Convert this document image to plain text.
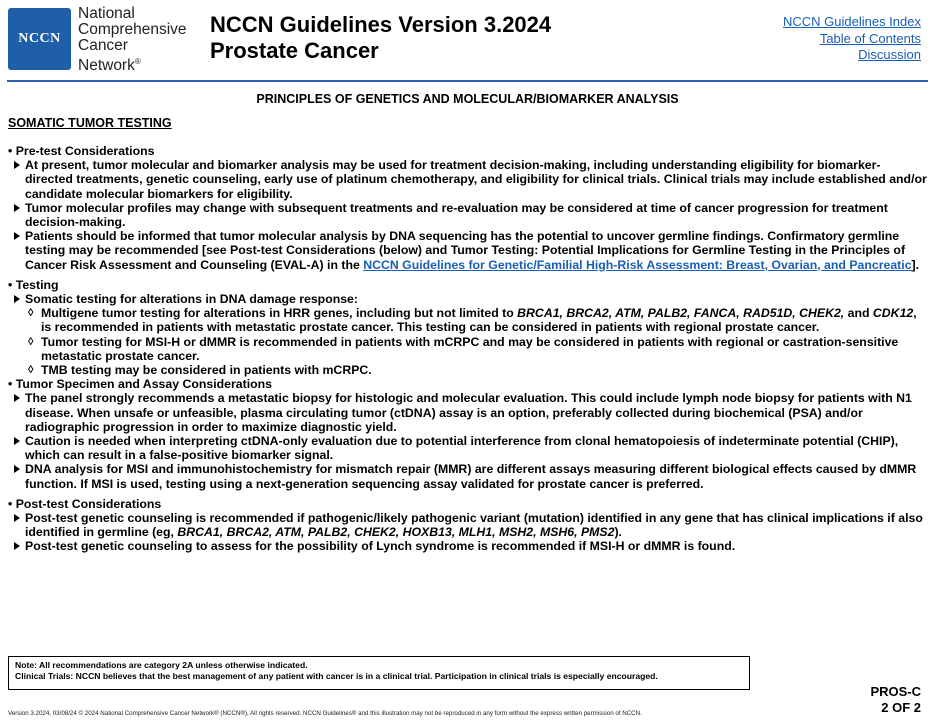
NCCN
National
Comprehensive
Cancer
Network®
NCCN Guidelines Version 3.2024
Prostate Cancer
NCCN Guidelines Index
Table of Contents
Discussion
PRINCIPLES OF GENETICS AND MOLECULAR/BIOMARKER ANALYSIS
SOMATIC TUMOR TESTING

• Pre-test Considerations

At present, tumor molecular and biomarker analysis may be used for treatment decision-making, including understanding eligibility for biomarker-directed treatments, genetic counseling, early use of platinum chemotherapy, and eligibility for clinical trials. Clinical trials may include established and/or candidate molecular biomarkers for eligibility.

Tumor molecular profiles may change with subsequent treatments and re-evaluation may be considered at time of cancer progression for treatment decision-making.

Patients should be informed that tumor molecular analysis by DNA sequencing has the potential to uncover germline findings. Confirmatory germline testing may be recommended [see Post-test Considerations (below) and Tumor Testing: Potential Implications for Germline Testing in the Principles of Cancer Risk Assessment and Counseling (EVAL-A) in the NCCN Guidelines for Genetic/Familial High-Risk Assessment: Breast, Ovarian, and Pancreatic].

• Testing

Somatic testing for alterations in DNA damage response:

◊ Multigene tumor testing for alterations in HRR genes, including but not limited to BRCA1, BRCA2, ATM, PALB2, FANCA, RAD51D, CHEK2, and CDK12, is recommended in patients with metastatic prostate cancer. This testing can be considered in patients with regional prostate cancer.

◊ Tumor testing for MSI-H or dMMR is recommended in patients with mCRPC and may be considered in patients with regional or castration-sensitive metastatic prostate cancer.

◊ TMB testing may be considered in patients with mCRPC.

• Tumor Specimen and Assay Considerations

The panel strongly recommends a metastatic biopsy for histologic and molecular evaluation. This could include lymph node biopsy for patients with N1 disease. When unsafe or unfeasible, plasma circulating tumor (ctDNA) assay is an option, preferably collected during biochemical (PSA) and/or radiographic progression in order to maximize diagnostic yield.

Caution is needed when interpreting ctDNA-only evaluation due to potential interference from clonal hematopoiesis of indeterminate potential (CHIP), which can result in a false-positive biomarker signal.

DNA analysis for MSI and immunohistochemistry for mismatch repair (MMR) are different assays measuring different biological effects caused by dMMR function. If MSI is used, testing using a next-generation sequencing assay validated for prostate cancer is preferred.

• Post-test Considerations

Post-test genetic counseling is recommended if pathogenic/likely pathogenic variant (mutation) identified in any gene that has clinical implications if also identified in germline (eg, BRCA1, BRCA2, ATM, PALB2, CHEK2, HOXB13, MLH1, MSH2, MSH6, PMS2).

Post-test genetic counseling to assess for the possibility of Lynch syndrome is recommended if MSI-H or dMMR is found.

Note: All recommendations are category 2A unless otherwise indicated.
Clinical Trials: NCCN believes that the best management of any patient with cancer is in a clinical trial. Participation in clinical trials is especially encouraged.
PROS-C
2 OF 2
Version 3.2024, 03/08/24 © 2024 National Comprehensive Cancer Network® (NCCN®), All rights reserved. NCCN Guidelines® and this illustration may not be reproduced in any form without the express written permission of NCCN.
